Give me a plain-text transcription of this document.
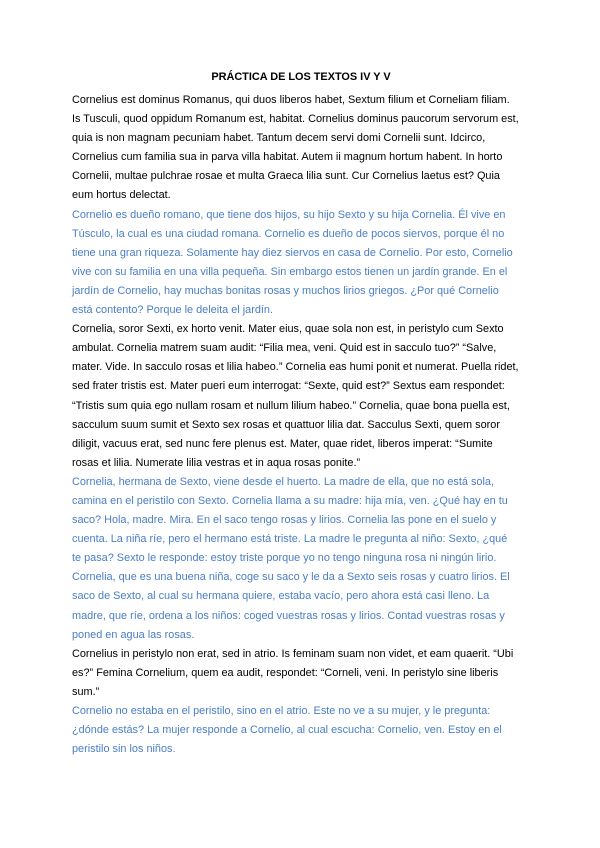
PRÁCTICA DE LOS TEXTOS IV Y V

Cornelius est dominus Romanus, qui duos liberos habet, Sextum filium et Corneliam filiam.
Is Tusculi, quod oppidum Romanum est, habitat. Cornelius dominus paucorum servorum est,
quia is non magnam pecuniam habet. Tantum decem servi domi Cornelii sunt. Idcirco,
Cornelius cum familia sua in parva villa habitat. Autem ii magnum hortum habent. In horto
Cornelii, multae pulchrae rosae et multa Graeca lilia sunt. Cur Cornelius laetus est? Quia
eum hortus delectat.

Cornelio es dueño romano, que tiene dos hijos, su hijo Sexto y su hija Cornelia. Él vive en
Túsculo, la cual es una ciudad romana. Cornelio es dueño de pocos siervos, porque él no
tiene una gran riqueza. Solamente hay diez siervos en casa de Cornelio. Por esto, Cornelio
vive con su familia en una villa pequeña. Sin embargo estos tienen un jardín grande. En el
jardín de Cornelio, hay muchas bonitas rosas y muchos lirios griegos. ¿Por qué Cornelio
está contento? Porque le deleita el jardín.

Cornelia, soror Sexti, ex horto venit. Mater eius, quae sola non est, in peristylo cum Sexto
ambulat. Cornelia matrem suam audit: “Filia mea, veni. Quid est in sacculo tuo?” “Salve,
mater. Vide. In sacculo rosas et lilia habeo.” Cornelia eas humi ponit et numerat. Puella ridet,
sed frater tristis est. Mater pueri eum interrogat: “Sexte, quid est?” Sextus eam respondet:
“Tristis sum quia ego nullam rosam et nullum lilium habeo.” Cornelia, quae bona puella est,
sacculum suum sumit et Sexto sex rosas et quattuor lilia dat. Sacculus Sexti, quem soror
diligit, vacuus erat, sed nunc fere plenus est. Mater, quae ridet, liberos imperat: “Sumite
rosas et lilia. Numerate lilia vestras et in aqua rosas ponite.”

Cornelia, hermana de Sexto, viene desde el huerto. La madre de ella, que no está sola,
camina en el peristilo con Sexto. Cornelia llama a su madre: hija mía, ven. ¿Qué hay en tu
saco? Hola, madre. Mira. En el saco tengo rosas y lirios. Cornelia las pone en el suelo y
cuenta. La niña ríe, pero el hermano está triste. La madre le pregunta al niño: Sexto, ¿qué
te pasa? Sexto le responde: estoy triste porque yo no tengo ninguna rosa ni ningún lirio.
Cornelia, que es una buena niña, coge su saco y le da a Sexto seis rosas y cuatro lirios. El
saco de Sexto, al cual su hermana quiere, estaba vacío, pero ahora está casi lleno. La
madre, que ríe, ordena a los niños: coged vuestras rosas y lirios. Contad vuestras rosas y
poned en agua las rosas.

Cornelius in peristylo non erat, sed in atrio. Is feminam suam non videt, et eam quaerit. “Ubi
es?” Femina Cornelium, quem ea audit, respondet: “Corneli, veni. In peristylo sine liberis
sum.”

Cornelio no estaba en el peristilo, sino en el atrio. Este no ve a su mujer, y le pregunta:
¿dónde estás? La mujer responde a Cornelio, al cual escucha: Cornelio, ven. Estoy en el
peristilo sin los niños.
